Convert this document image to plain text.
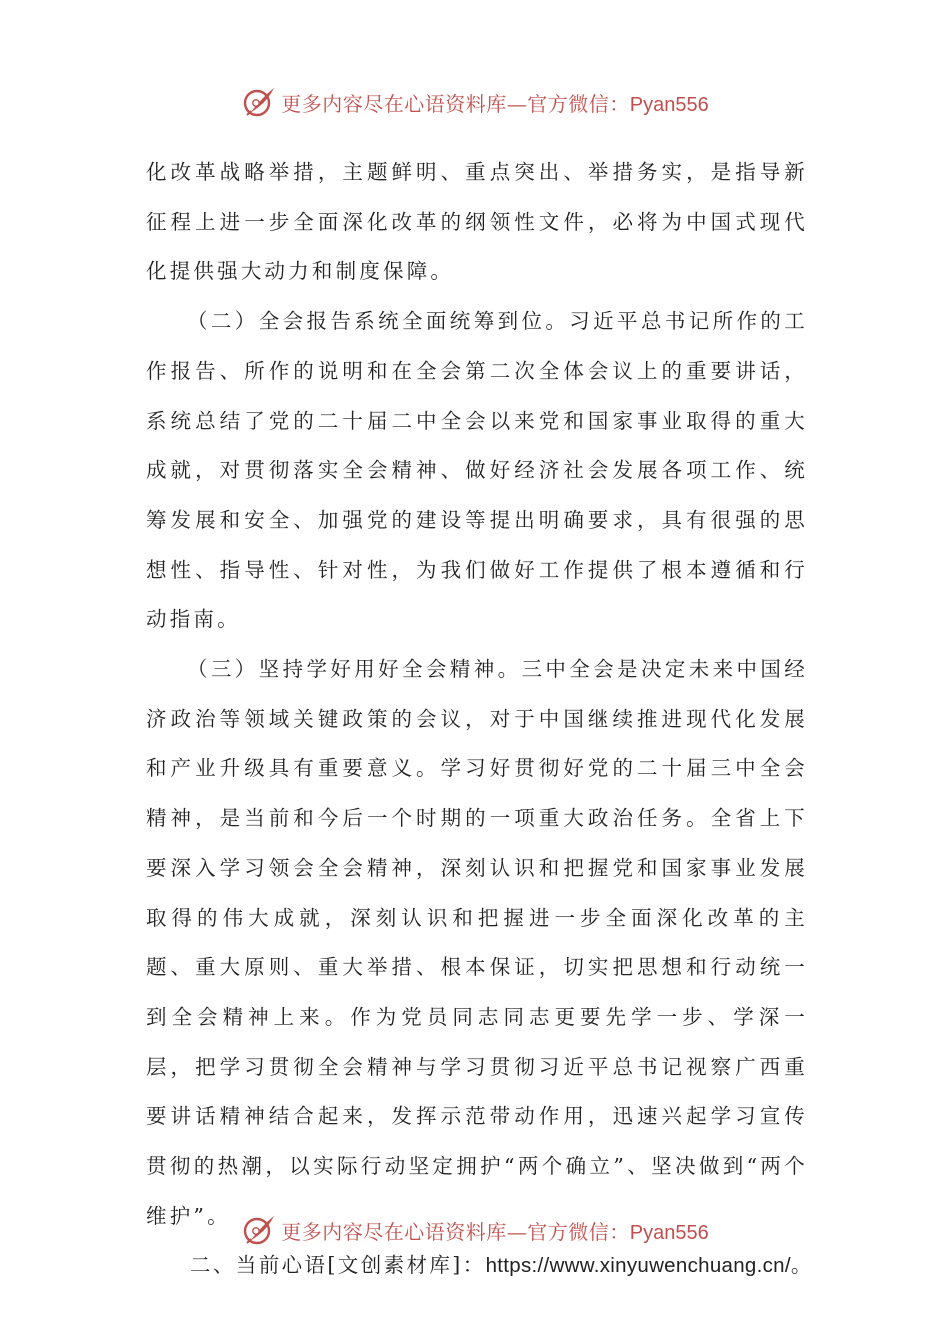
更多内容尽在心语资料库—官方微信：Pyan556

化改革战略举措，主题鲜明、重点突出、举措务实，是指导新征程上进一步全面深化改革的纲领性文件，必将为中国式现代化提供强大动力和制度保障。

（二）全会报告系统全面统筹到位。习近平总书记所作的工作报告、所作的说明和在全会第二次全体会议上的重要讲话，系统总结了党的二十届二中全会以来党和国家事业取得的重大成就，对贯彻落实全会精神、做好经济社会发展各项工作、统筹发展和安全、加强党的建设等提出明确要求，具有很强的思想性、指导性、针对性，为我们做好工作提供了根本遵循和行动指南。

（三）坚持学好用好全会精神。三中全会是决定未来中国经济政治等领域关键政策的会议，对于中国继续推进现代化发展和产业升级具有重要意义。学习好贯彻好党的二十届三中全会精神，是当前和今后一个时期的一项重大政治任务。全省上下要深入学习领会全会精神，深刻认识和把握党和国家事业发展取得的伟大成就，深刻认识和把握进一步全面深化改革的主题、重大原则、重大举措、根本保证，切实把思想和行动统一到全会精神上来。作为党员同志同志更要先学一步、学深一层，把学习贯彻全会精神与学习贯彻习近平总书记视察广西重要讲话精神结合起来，发挥示范带动作用，迅速兴起学习宣传贯彻的热潮，以实际行动坚定拥护“两个确立”、坚决做到“两个维护”。

二、当前心语[文创素材库]：https://www.xinyuwenchuang.cn/。
更多内容尽在心语资料库—官方微信：Pyan556
